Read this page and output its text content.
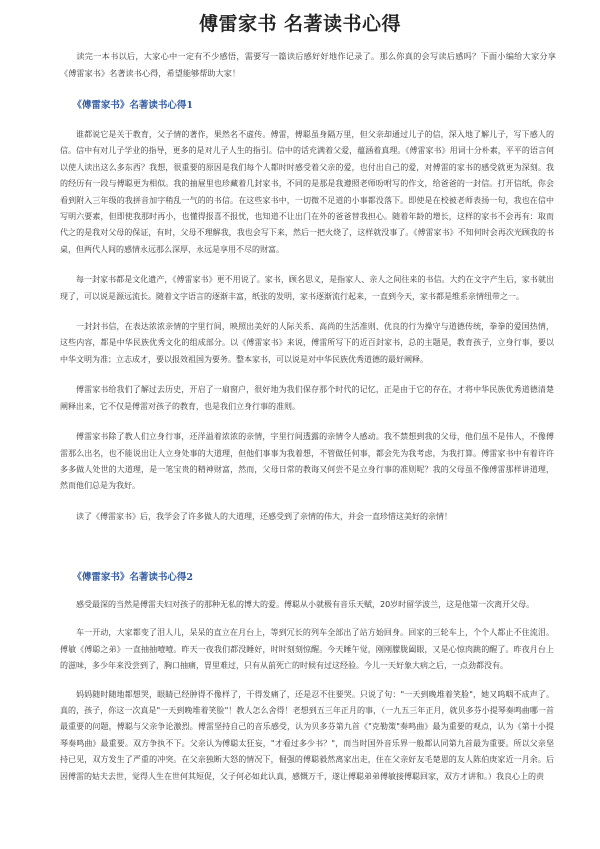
傅雷家书 名著读书心得

读完一本书以后，大家心中一定有不少感悟，需要写一篇读后感好好地作记录了。那么你真的会写读后感吗？下面小编给大家分享《傅雷家书》名著读书心得，希望能够帮助大家！

《傅雷家书》名著读书心得1

谁都说它是关于教育，父子情的著作，果然名不虚传。傅雷，傅聪虽身隔万里，但父亲却通过儿子的信，深入地了解儿子，写下感人的信。信中有对儿子学业的指导，更多的是对儿子人生的指引。信中的话充满着父爱，蕴涵着真理。《傅雷家书》用词十分朴素，平平的语言何以使人读出这么多东西？我想，很重要的原因是我们每个人都时时感受着父亲的爱，也付出自己的爱，对傅雷的家书的感受就更为深刻。我的经历有一段与傅聪更为相似。我的抽屉里也珍藏着几封家书，不同的是那是我遵照老师吩咐写的作文，给爸爸的一封信。打开信纸，你会看到附入三年级的我拼音加字稍乱一气的的书信。在这些家书中，一切微不足道的小事都没落下。即使是在校被老师表扬一句，我也在信中写明六要素，但即使我那时再小，也懂得报喜不报忧，也知道不让出门在外的爸爸替我担心。随着年龄的增长，这样的家书不会再有：取而代之的是我对父母的保证，有时，父母不理解我，我也会写下来，然后一把火烧了，这样就没事了。《傅雷家书》不知何时会再次光顾我的书桌，但两代人间的感情永远那么深厚，永远是享用不尽的财富。

每一封家书都是文化遗产，《傅雷家书》更不用说了。家书，顾名思义，是指家人、亲人之间往来的书信。大约在文字产生后，家书就出现了，可以说是源远流长。随着文字语言的逐渐丰富，纸张的发明，家书逐渐流行起来，一直到今天，家书都是维系亲情纽带之一。

一封封书信，在表达浓浓亲情的字里行间，映照出美好的人际关系、高尚的生活准则、优良的行为操守与道德传统，拳拳的爱国热情，这些内容，都是中华民族优秀文化的组成部分。以《傅雷家书》来说，傅雷所写下的近百封家书，总的主题是，教育孩子，立身行事，要以中华文明为准；立志成才，要以报效祖国为要务。整本家书，可以说是对中华民族优秀道德的最好阐释。

傅雷家书给我们了解过去历史，开启了一扇窗户，很好地为我们保存那个时代的记忆，正是由于它的存在，才将中华民族优秀道德清楚阐释出来，它不仅是傅雷对孩子的教育，也是我们立身行事的准则。

傅雷家书除了教人们立身行事，还洋溢着浓浓的亲情，字里行间透露的亲情令人感动。我不禁想到我的父母，他们虽不是伟人，不像傅雷那么出名，也不能说出让人立身处事的大道理，但他们事事为我着想，不管做任何事，都会先为我考虑，为我打算。傅雷家书中有着许许多多做人处世的大道理，是一笔宝贵的精神财富，然而，父母日常的教诲又何尝不是立身行事的准则呢？我的父母虽不像傅雷那样讲道理，然而他们总是为我好。

读了《傅雷家书》后，我学会了许多做人的大道理，还感受到了亲情的伟大，并会一直珍惜这美好的亲情！

《傅雷家书》名著读书心得2

感受最深的当然是傅雷夫妇对孩子的那种无私的博大的爱。傅聪从小就极有音乐天赋，20岁时留学波兰，这是他第一次离开父母。

车一开动，大家都变了泪人儿，呆呆的直立在月台上，等到冗长的列车全部出了站方始回身。回家的三轮车上，个个人都止不住流泪。傅敏《傅聪之弟》一直抽抽噎噎。昨天一夜我们都没睡好，时时刻刻惊醒。今天睡午觉，刚刚朦胧阖眼，又是心惊肉跳的醒了。昨夜月台上的滋味，多少年来没尝到了，胸口抽痛，胃里难过，只有从前死亡的时候有过这经验。今儿一天好象大病之后，一点劲都没有。

妈妈随时随地都想哭，眼睛已经肿得不像样了，干得发痛了，还是忍不住要哭。只说了句："一天到晚堆着笑脸"，她又呜咽不成声了。真的，孩子，你这一次真是"一天到晚堆着笑脸"！教人怎么舍得！老想到五三年正月的事，（一九五三年正月，就贝多芬小提琴奏鸣曲哪一首最重要的问题，傅聪与父亲争论激烈。傅雷坚持自己的音乐感受，认为贝多芬第九首《"克勒策"奏鸣曲》最为重要的观点，认为《第十小提琴奏鸣曲》最重要。双方争执不下。父亲认为傅聪太狂妄，"才看过多少书？"，而当时国外音乐界一般都认同第九首最为重要。所以父亲坚持已见，双方发生了严重的冲突。在父亲独断大怒的情况下，倔强的傅聪毅然离家出走，住在父亲好友毛楚恩的友人陈伯庚家近一月余。后因傅雷的姑夫去世，觉得人生在世何其短促，父子何必如此认真，感慨万千，遂让傅聪弟弟傅敏接傅聪回家，双方才讲和。）我良心上的责
